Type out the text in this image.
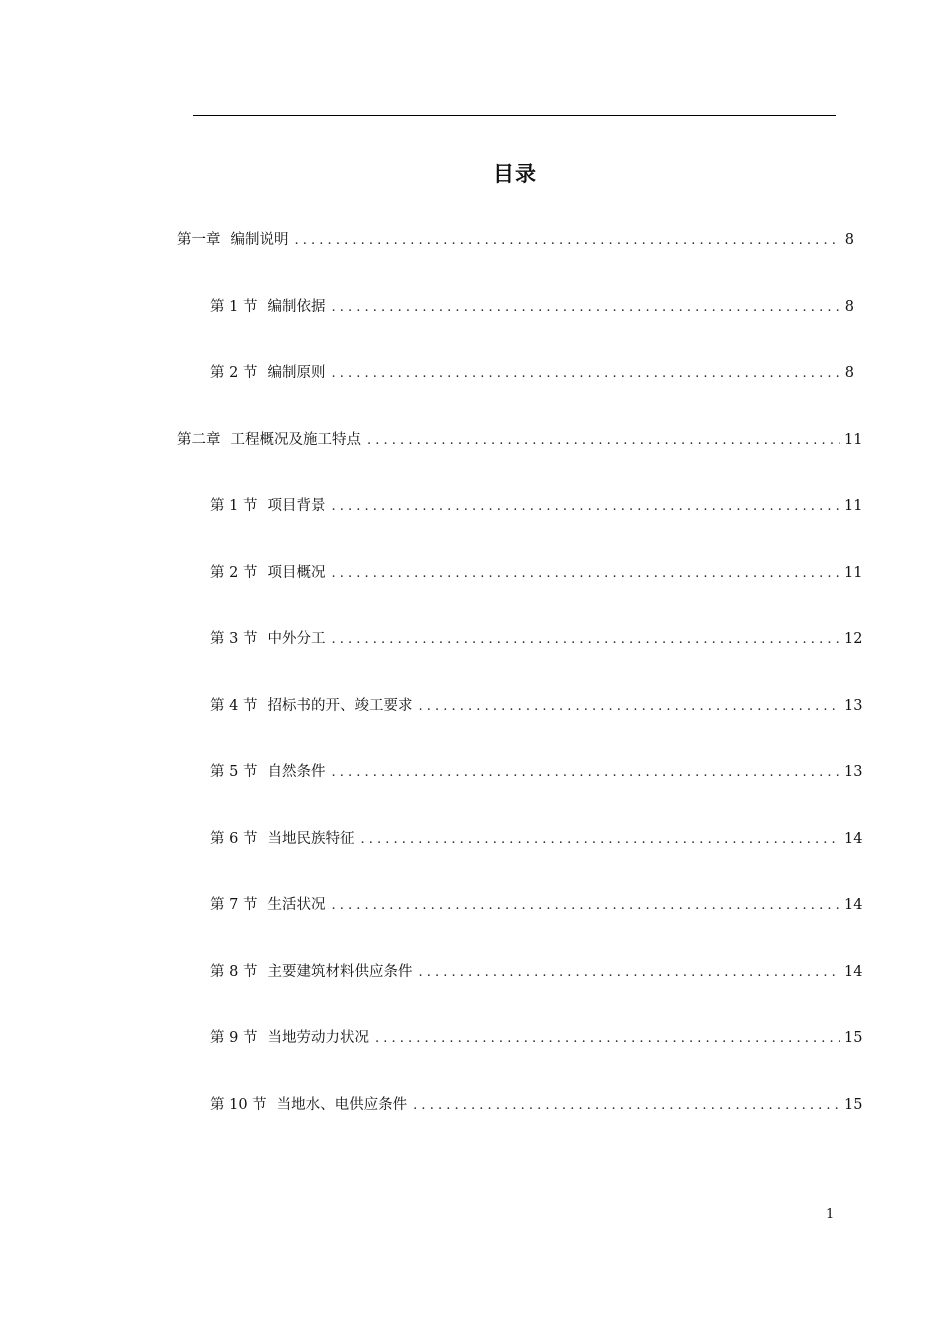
目录
第一章 编制说明 . . .	8
第 1 节 编制依据 . . .	8
第 2 节 编制原则 . . .	8
第二章 工程概况及施工特点 . . .	11
第 1 节 项目背景 . . .	11
第 2 节 项目概况 . . .	11
第 3 节 中外分工 . . .	12
第 4 节 招标书的开、竣工要求 . . .	13
第 5 节 自然条件 . . .	13
第 6 节 当地民族特征 . . .	14
第 7 节 生活状况 . . .	14
第 8 节 主要建筑材料供应条件 . . .	14
第 9 节 当地劳动力状况 . . .	15
第 10 节 当地水、电供应条件 . . .	15
1
